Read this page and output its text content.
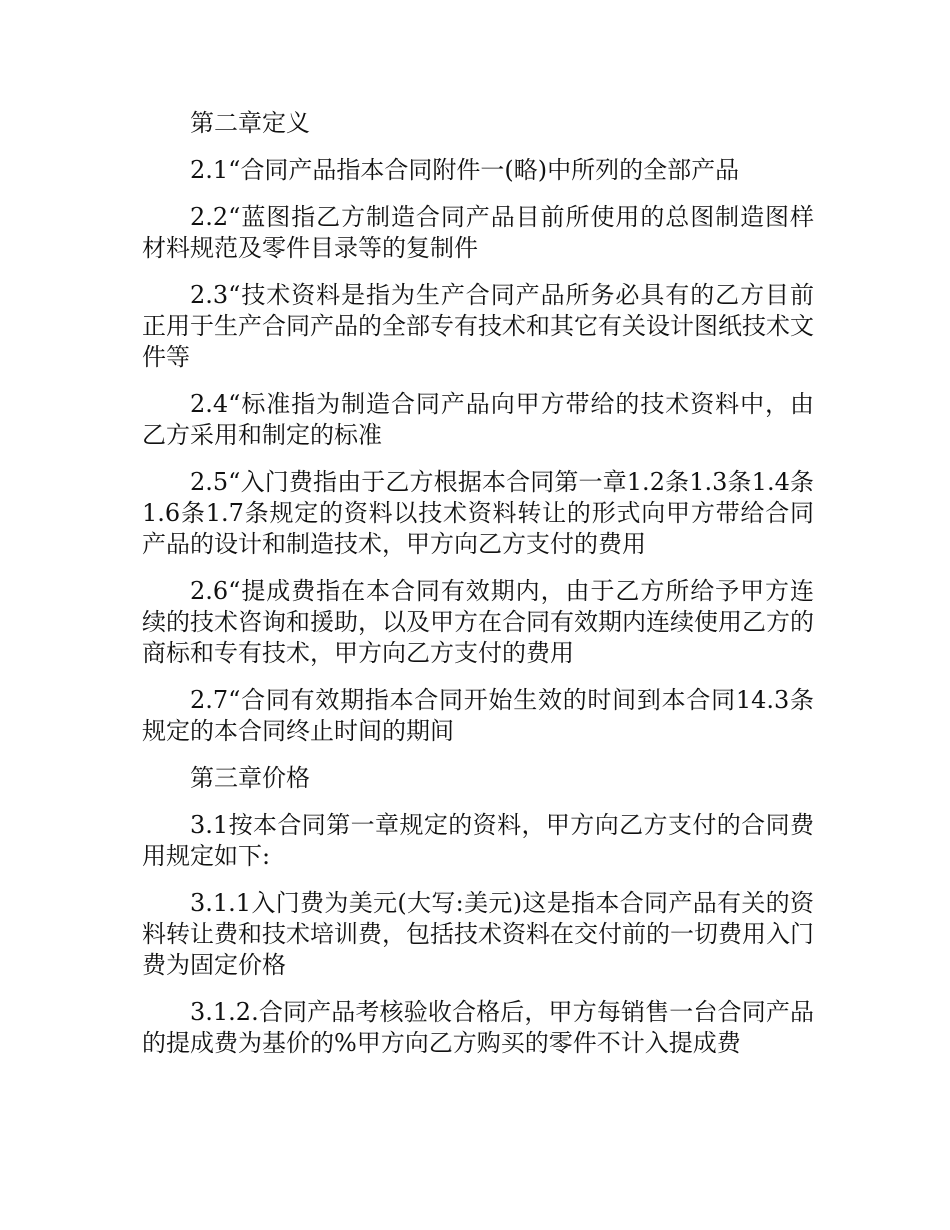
第二章定义

2.1“合同产品指本合同附件一(略)中所列的全部产品

2.2“蓝图指乙方制造合同产品目前所使用的总图制造图样材料规范及零件目录等的复制件

2.3“技术资料是指为生产合同产品所务必具有的乙方目前正用于生产合同产品的全部专有技术和其它有关设计图纸技术文件等

2.4“标准指为制造合同产品向甲方带给的技术资料中，由乙方采用和制定的标准

2.5“入门费指由于乙方根据本合同第一章1.2条1.3条1.4条1.6条1.7条规定的资料以技术资料转让的形式向甲方带给合同产品的设计和制造技术，甲方向乙方支付的费用

2.6“提成费指在本合同有效期内，由于乙方所给予甲方连续的技术咨询和援助，以及甲方在合同有效期内连续使用乙方的商标和专有技术，甲方向乙方支付的费用

2.7“合同有效期指本合同开始生效的时间到本合同14.3条规定的本合同终止时间的期间

第三章价格

3.1按本合同第一章规定的资料，甲方向乙方支付的合同费用规定如下:

3.1.1入门费为美元(大写:美元)这是指本合同产品有关的资料转让费和技术培训费，包括技术资料在交付前的一切费用入门费为固定价格

3.1.2.合同产品考核验收合格后，甲方每销售一台合同产品的提成费为基价的%甲方向乙方购买的零件不计入提成费
